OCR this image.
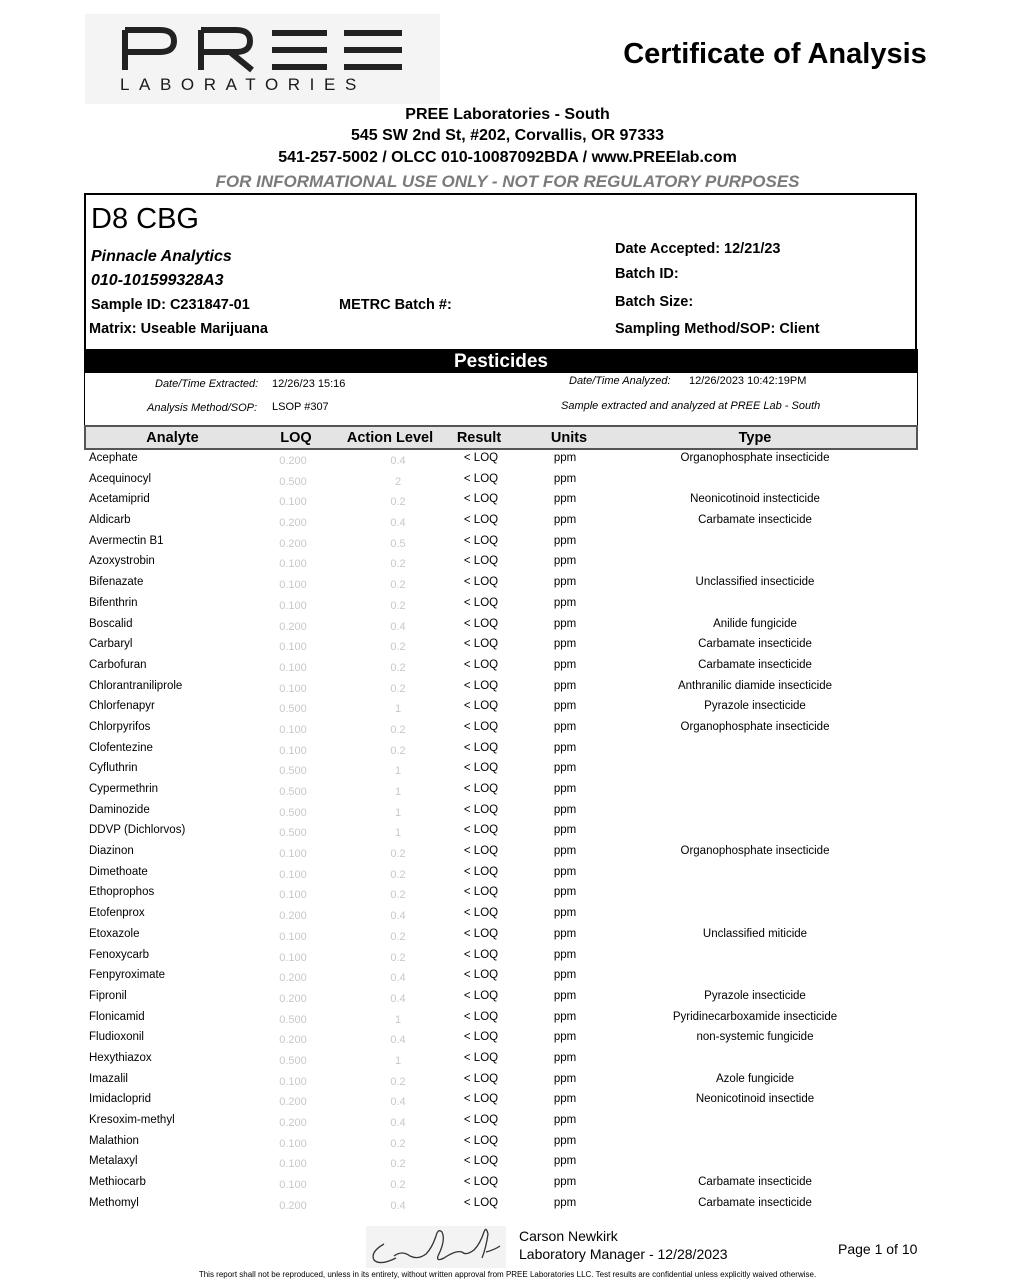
LABORATORIES
Certificate of Analysis
PREE Laboratories - South
545 SW 2nd St, #202, Corvallis, OR 97333
541-257-5002 / OLCC 010-10087092BDA / www.PREElab.com
FOR INFORMATIONAL USE ONLY - NOT FOR REGULATORY PURPOSES
D8 CBG
Pinnacle Analytics
010-101599328A3
Sample ID: C231847-01	METRC Batch #:
Matrix: Useable Marijuana
Date Accepted: 12/21/23
Batch ID:
Batch Size:
Sampling Method/SOP: Client
Pesticides
Date/Time Extracted: 12/26/23 15:16	Date/Time Analyzed: 12/26/2023 10:42:19PM
Analysis Method/SOP: LSOP #307	Sample extracted and analyzed at PREE Lab - South
Analyte	LOQ	Action Level	Result	Units	Type
Acephate	0.200	0.4	< LOQ	ppm	Organophosphate insecticide
Acequinocyl	0.500	2	< LOQ	ppm
Acetamiprid	0.100	0.2	< LOQ	ppm	Neonicotinoid instecticide
Aldicarb	0.200	0.4	< LOQ	ppm	Carbamate insecticide
Avermectin B1	0.200	0.5	< LOQ	ppm
Azoxystrobin	0.100	0.2	< LOQ	ppm
Bifenazate	0.100	0.2	< LOQ	ppm	Unclassified insecticide
Bifenthrin	0.100	0.2	< LOQ	ppm
Boscalid	0.200	0.4	< LOQ	ppm	Anilide fungicide
Carbaryl	0.100	0.2	< LOQ	ppm	Carbamate insecticide
Carbofuran	0.100	0.2	< LOQ	ppm	Carbamate insecticide
Chlorantraniliprole	0.100	0.2	< LOQ	ppm	Anthranilic diamide insecticide
Chlorfenapyr	0.500	1	< LOQ	ppm	Pyrazole insecticide
Chlorpyrifos	0.100	0.2	< LOQ	ppm	Organophosphate insecticide
Clofentezine	0.100	0.2	< LOQ	ppm
Cyfluthrin	0.500	1	< LOQ	ppm
Cypermethrin	0.500	1	< LOQ	ppm
Daminozide	0.500	1	< LOQ	ppm
DDVP (Dichlorvos)	0.500	1	< LOQ	ppm
Diazinon	0.100	0.2	< LOQ	ppm	Organophosphate insecticide
Dimethoate	0.100	0.2	< LOQ	ppm
Ethoprophos	0.100	0.2	< LOQ	ppm
Etofenprox	0.200	0.4	< LOQ	ppm
Etoxazole	0.100	0.2	< LOQ	ppm	Unclassified miticide
Fenoxycarb	0.100	0.2	< LOQ	ppm
Fenpyroximate	0.200	0.4	< LOQ	ppm
Fipronil	0.200	0.4	< LOQ	ppm	Pyrazole insecticide
Flonicamid	0.500	1	< LOQ	ppm	Pyridinecarboxamide insecticide
Fludioxonil	0.200	0.4	< LOQ	ppm	non-systemic fungicide
Hexythiazox	0.500	1	< LOQ	ppm
Imazalil	0.100	0.2	< LOQ	ppm	Azole fungicide
Imidacloprid	0.200	0.4	< LOQ	ppm	Neonicotinoid insectide
Kresoxim-methyl	0.200	0.4	< LOQ	ppm
Malathion	0.100	0.2	< LOQ	ppm
Metalaxyl	0.100	0.2	< LOQ	ppm
Methiocarb	0.100	0.2	< LOQ	ppm	Carbamate insecticide
Methomyl	0.200	0.4	< LOQ	ppm	Carbamate insecticide
Carson Newkirk
Laboratory Manager - 12/28/2023	Page 1 of 10
This report shall not be reproduced, unless in its entirety, without written approval from PREE Laboratories LLC. Test results are confidential unless explicitly waived otherwise.
